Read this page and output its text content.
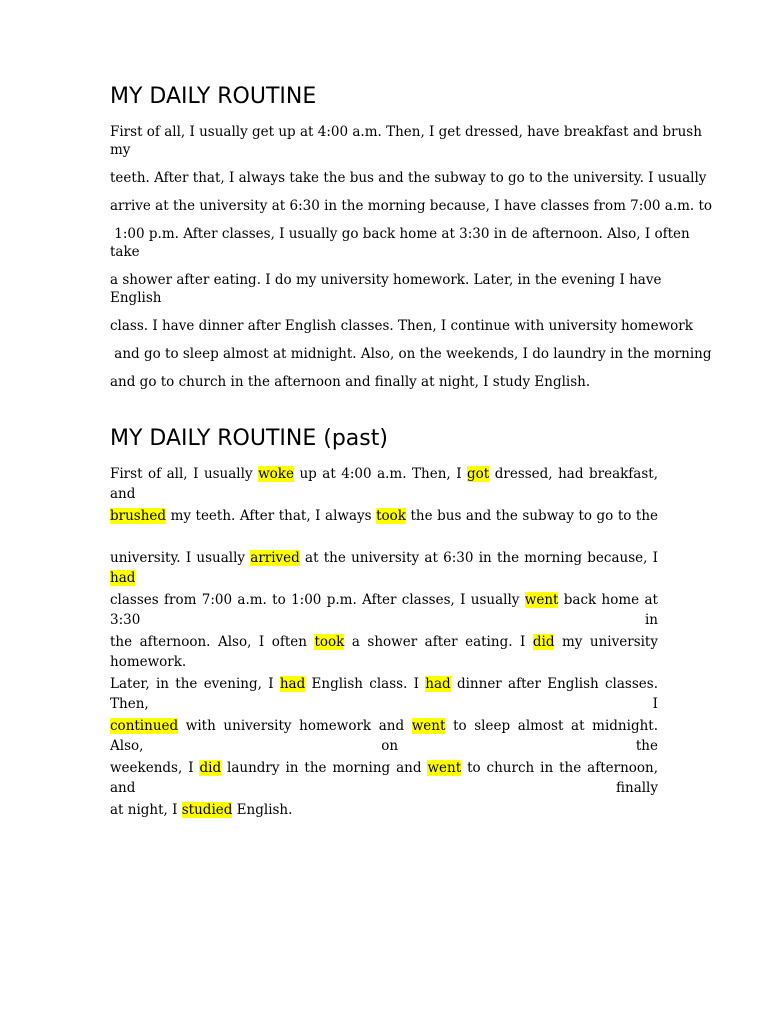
MY DAILY ROUTINE
First of all, I usually get up at 4:00 a.m. Then, I get dressed, have breakfast and brush
my
teeth. After that, I always take the bus and the subway to go to the university. I usually
arrive at the university at 6:30 in the morning because, I have classes from 7:00 a.m. to
1:00 p.m. After classes, I usually go back home at 3:30 in de afternoon. Also, I often
take
a shower after eating. I do my university homework. Later, in the evening I have
English
class. I have dinner after English classes. Then, I continue with university homework
and go to sleep almost at midnight. Also, on the weekends, I do laundry in the morning
and go to church in the afternoon and finally at night, I study English.
MY DAILY ROUTINE (past)
First of all, I usually woke up at 4:00 a.m. Then, I got dressed, had breakfast, and
brushed my teeth. After that, I always took the bus and the subway to go to the
university. I usually arrived at the university at 6:30 in the morning because, I had
classes from 7:00 a.m. to 1:00 p.m. After classes, I usually went back home at 3:30 in
the afternoon. Also, I often took a shower after eating. I did my university homework.
Later, in the evening, I had English class. I had dinner after English classes. Then, I
continued with university homework and went to sleep almost at midnight. Also, on the
weekends, I did laundry in the morning and went to church in the afternoon, and finally
at night, I studied English.
